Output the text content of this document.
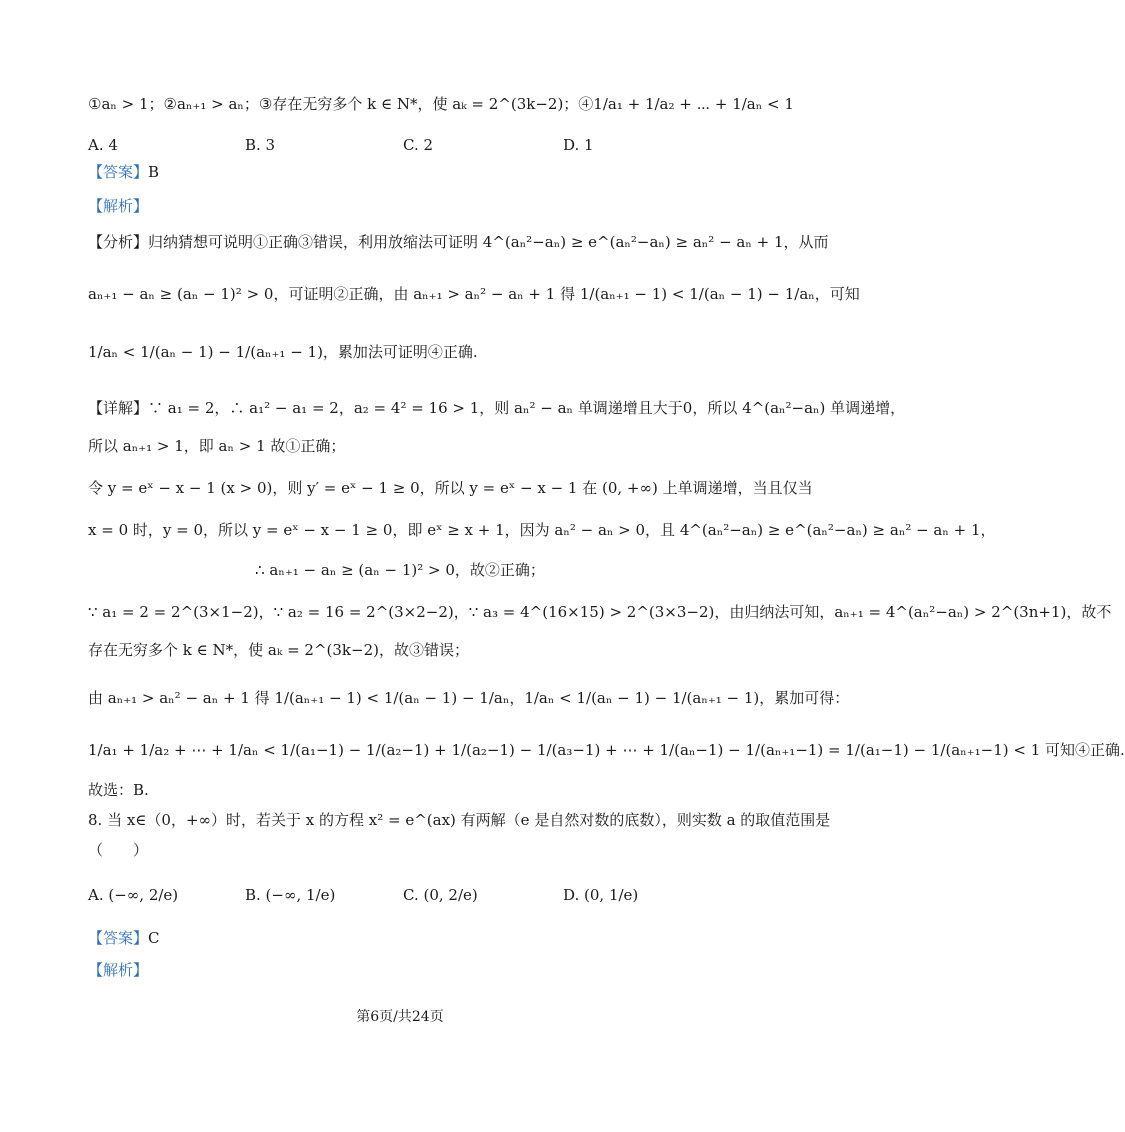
①aₙ > 1；②aₙ₊₁ > aₙ；③存在无穷多个 k ∈ N*，使 aₖ = 2^(3k−2)；④1/a₁ + 1/a₂ + ⋯ + 1/aₙ < 1
A. 4	B. 3	C. 2	D. 1
【答案】B
【解析】
【分析】归纳猜想可说明①正确③错误，利用放缩法可证明 4^(aₙ²−aₙ) ≥ e^(aₙ²−aₙ) ≥ aₙ² − aₙ + 1，从而
aₙ₊₁ − aₙ ≥ (aₙ − 1)² > 0，可证明②正确，由 aₙ₊₁ > aₙ² − aₙ + 1 得 1/(aₙ₊₁ − 1) < 1/(aₙ − 1) − 1/aₙ，可知
1/aₙ < 1/(aₙ − 1) − 1/(aₙ₊₁ − 1)，累加法可证明④正确.
【详解】∵ a₁ = 2，∴ a₁² − a₁ = 2，a₂ = 4² = 16 > 1，则 aₙ² − aₙ 单调递增且大于0，所以 4^(aₙ²−aₙ) 单调递增，
所以 aₙ₊₁ > 1，即 aₙ > 1 故①正确；
令 y = eˣ − x − 1 (x > 0)，则 y′ = eˣ − 1 ≥ 0，所以 y = eˣ − x − 1 在 (0, +∞) 上单调递增，当且仅当
x = 0 时，y = 0，所以 y = eˣ − x − 1 ≥ 0，即 eˣ ≥ x + 1，因为 aₙ² − aₙ > 0，且 4^(aₙ²−aₙ) ≥ e^(aₙ²−aₙ) ≥ aₙ² − aₙ + 1，
∴ aₙ₊₁ − aₙ ≥ (aₙ − 1)² > 0，故②正确；
∵ a₁ = 2 = 2^(3×1−2)，∵ a₂ = 16 = 2^(3×2−2)，∵ a₃ = 4^(16×15) > 2^(3×3−2)，由归纳法可知，aₙ₊₁ = 4^(aₙ²−aₙ) > 2^(3n+1)，故不
存在无穷多个 k ∈ N*，使 aₖ = 2^(3k−2)，故③错误；
由 aₙ₊₁ > aₙ² − aₙ + 1 得 1/(aₙ₊₁ − 1) < 1/(aₙ − 1) − 1/aₙ，1/aₙ < 1/(aₙ − 1) − 1/(aₙ₊₁ − 1)，累加可得：
1/a₁ + 1/a₂ + ⋯ + 1/aₙ < 1/(a₁−1) − 1/(a₂−1) + 1/(a₂−1) − 1/(a₃−1) + ⋯ + 1/(aₙ−1) − 1/(aₙ₊₁−1) = 1/(a₁−1) − 1/(aₙ₊₁−1) < 1 可知④正确.
故选：B.
8. 当 x∈（0，+∞）时，若关于 x 的方程 x² = e^(ax) 有两解（e 是自然对数的底数），则实数 a 的取值范围是
（　　）
A. (−∞, 2/e)	B. (−∞, 1/e)	C. (0, 2/e)	D. (0, 1/e)
【答案】C
【解析】
第6页/共24页
